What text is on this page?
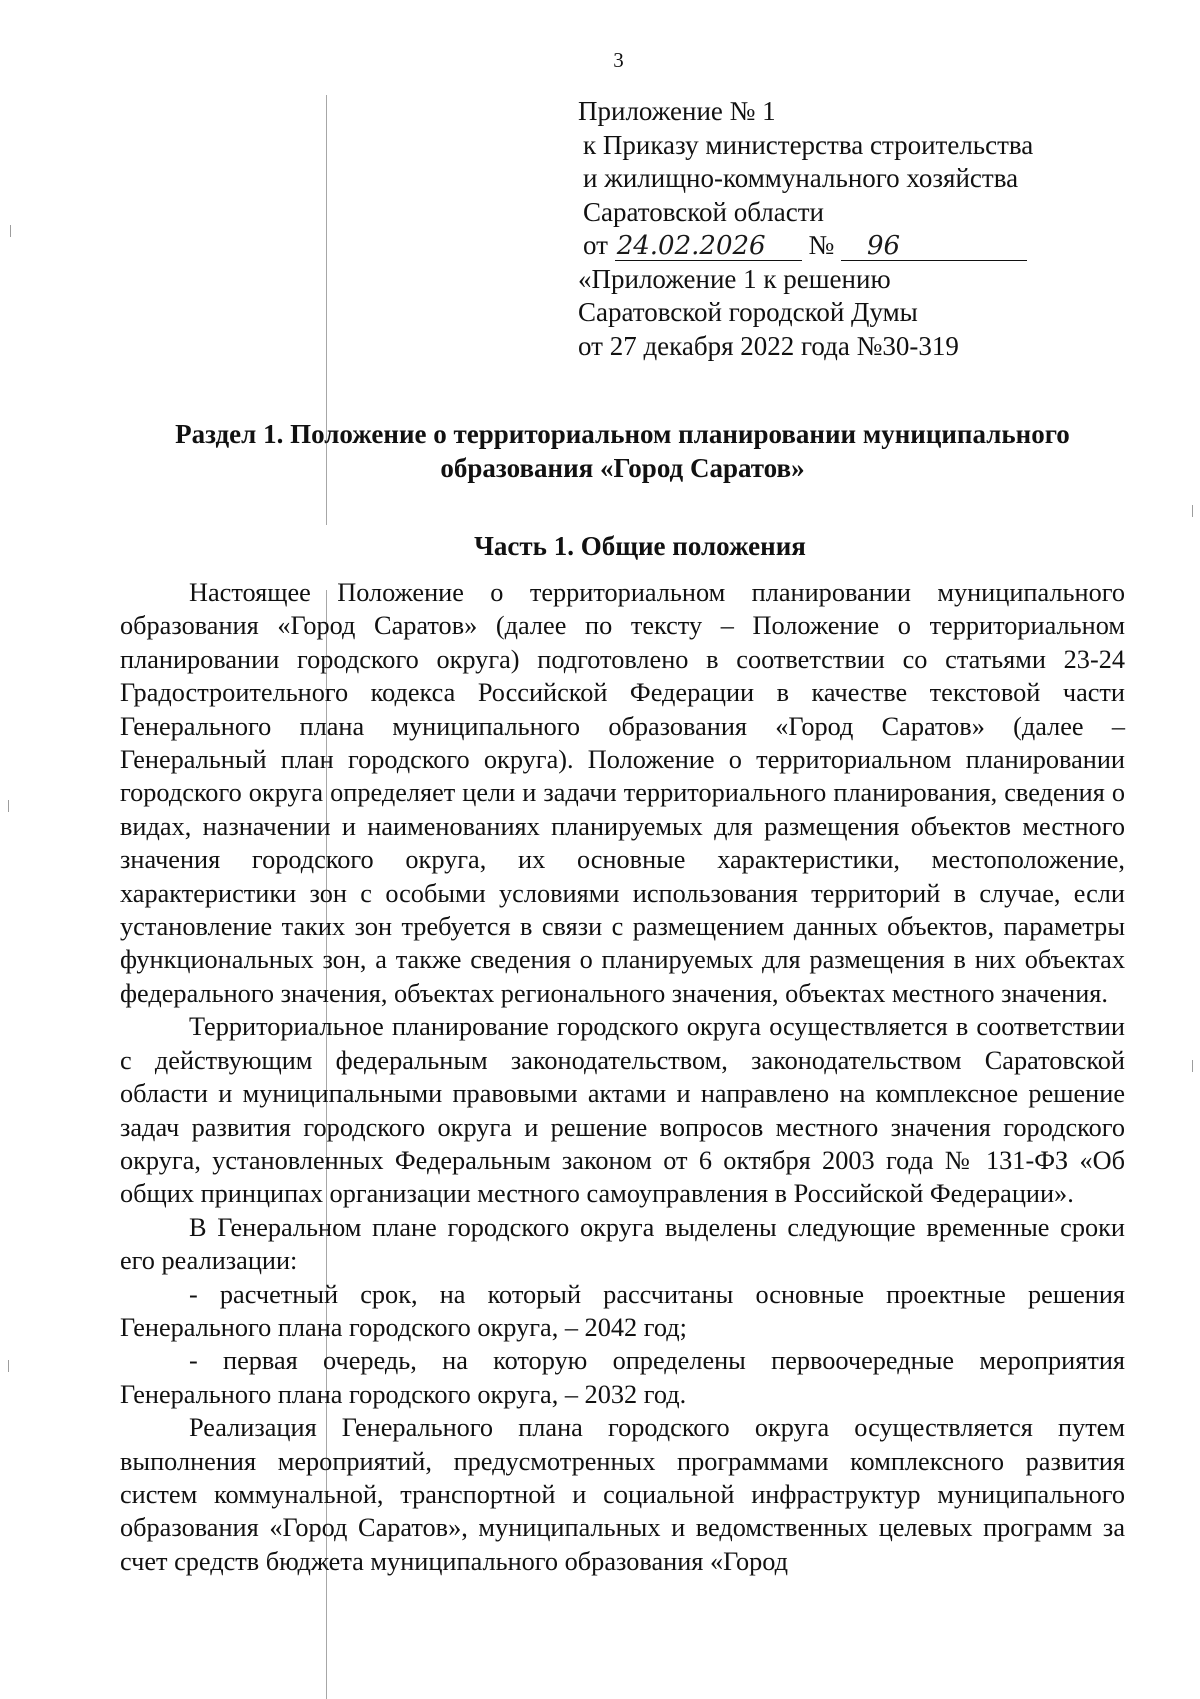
3
Приложение № 1
к Приказу министерства строительства
и жилищно-коммунального хозяйства
Саратовской области
от 24.02.2026 № 96
«Приложение 1 к решению
Саратовской городской Думы
от 27 декабря 2022 года №30-319
Раздел 1. Положение о территориальном планировании муниципального
образования «Город Саратов»
Часть 1. Общие положения

Настоящее Положение о территориальном планировании муниципального образования «Город Саратов» (далее по тексту – Положение о территориальном планировании городского округа) подготовлено в соответствии со статьями 23-24 Градостроительного кодекса Российской Федерации в качестве текстовой части Генерального плана муниципального образования «Город Саратов» (далее – Генеральный план городского округа). Положение о территориальном планировании городского округа определяет цели и задачи территориального планирования, сведения о видах, назначении и наименованиях планируемых для размещения объектов местного значения городского округа, их основные характеристики, местоположение, характеристики зон с особыми условиями использования территорий в случае, если установление таких зон требуется в связи с размещением данных объектов, параметры функциональных зон, а также сведения о планируемых для размещения в них объектах федерального значения, объектах регионального значения, объектах местного значения.

Территориальное планирование городского округа осуществляется в соответствии с действующим федеральным законодательством, законодательством Саратовской области и муниципальными правовыми актами и направлено на комплексное решение задач развития городского округа и решение вопросов местного значения городского округа, установленных Федеральным законом от 6 октября 2003 года № 131-ФЗ «Об общих принципах организации местного самоуправления в Российской Федерации».

В Генеральном плане городского округа выделены следующие временные сроки его реализации:

- расчетный срок, на который рассчитаны основные проектные решения Генерального плана городского округа, – 2042 год;

- первая очередь, на которую определены первоочередные мероприятия Генерального плана городского округа, – 2032 год.

Реализация Генерального плана городского округа осуществляется путем выполнения мероприятий, предусмотренных программами комплексного развития систем коммунальной, транспортной и социальной инфраструктур муниципального образования «Город Саратов», муниципальных и ведомственных целевых программ за счет средств бюджета муниципального образования «Город
